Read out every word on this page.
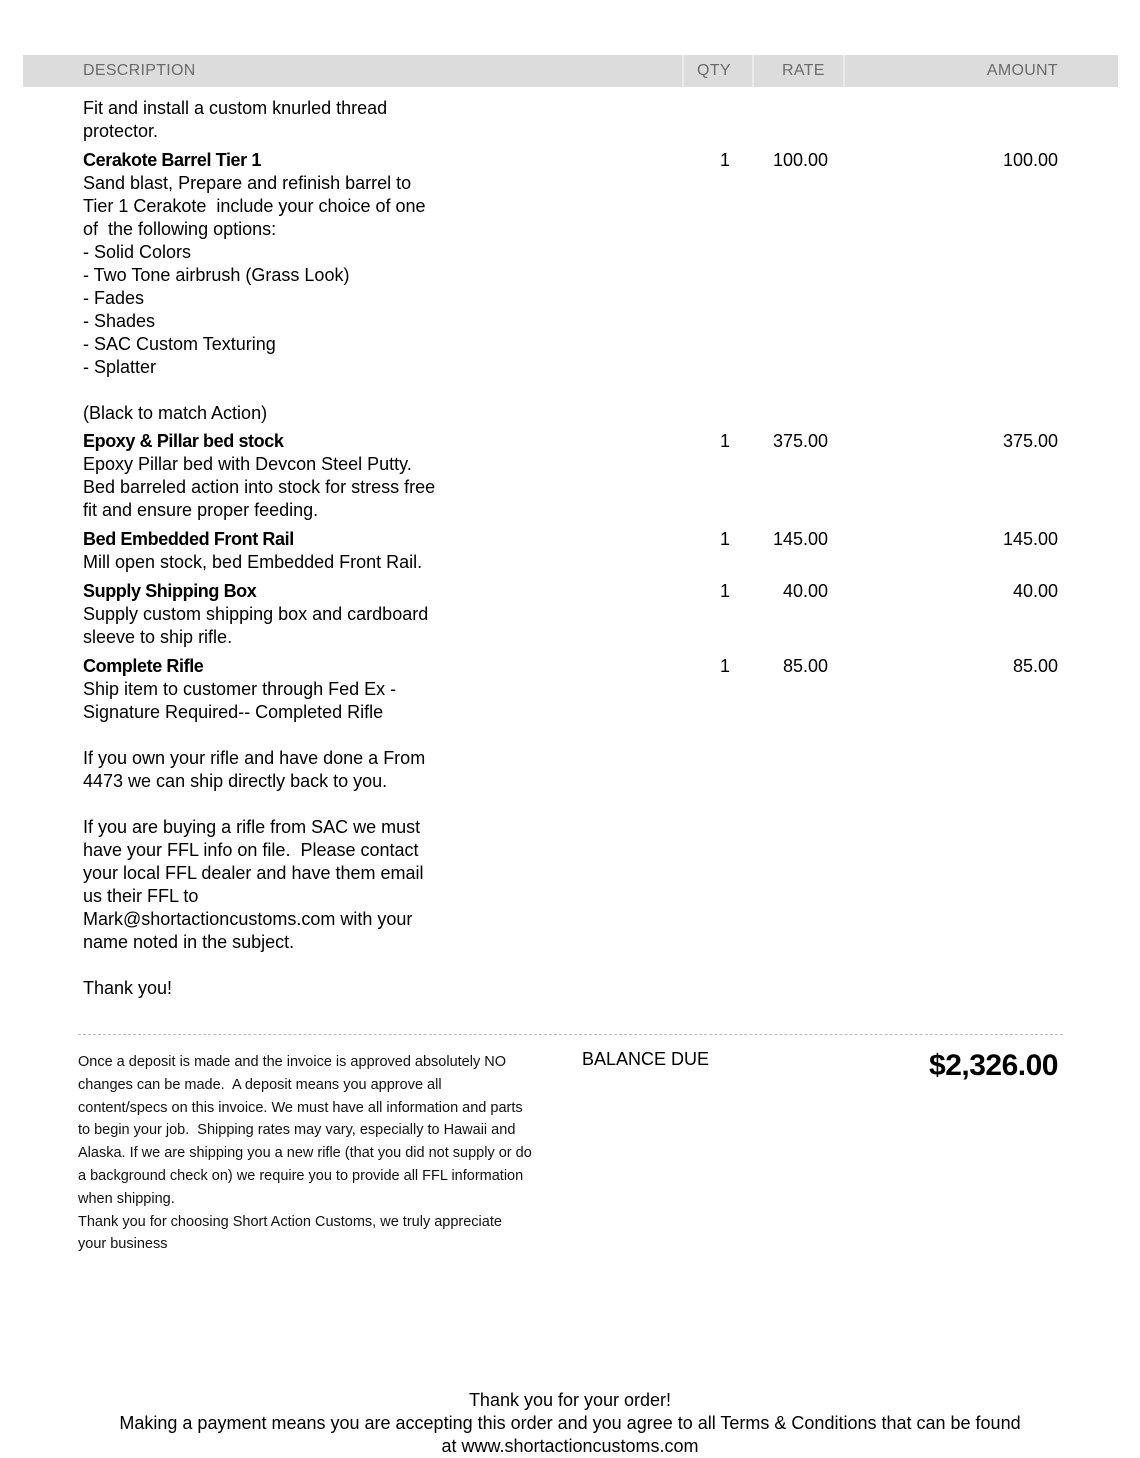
DESCRIPTION	QTY	RATE	AMOUNT
Fit and install a custom knurled thread
protector.
Cerakote Barrel Tier 1
Sand blast, Prepare and refinish barrel to
Tier 1 Cerakote  include your choice of one
of  the following options:
- Solid Colors
- Two Tone airbrush (Grass Look)
- Fades
- Shades
- SAC Custom Texturing
- Splatter
(Black to match Action)
1 100.00	100.00
Epoxy & Pillar bed stock
Epoxy Pillar bed with Devcon Steel Putty.
Bed barreled action into stock for stress free
fit and ensure proper feeding.
1 375.00	375.00
Bed Embedded Front Rail
Mill open stock, bed Embedded Front Rail.
1 145.00	145.00
Supply Shipping Box
Supply custom shipping box and cardboard
sleeve to ship rifle.
1	40.00	40.00
Complete Rifle
Ship item to customer through Fed Ex -
Signature Required-- Completed Rifle
If you own your rifle and have done a From
4473 we can ship directly back to you.
If you are buying a rifle from SAC we must
have your FFL info on file.  Please contact
your local FFL dealer and have them email
us their FFL to
Mark@shortactioncustoms.com with your
name noted in the subject.
Thank you!
1	85.00	85.00
Once a deposit is made and the invoice is approved absolutely NO
changes can be made.  A deposit means you approve all
content/specs on this invoice. We must have all information and parts
to begin your job.  Shipping rates may vary, especially to Hawaii and
Alaska. If we are shipping you a new rifle (that you did not supply or do
a background check on) we require you to provide all FFL information
when shipping.
Thank you for choosing Short Action Customs, we truly appreciate
your business
BALANCE DUE	$2,326.00
Thank you for your order!
Making a payment means you are accepting this order and you agree to all Terms & Conditions that can be found
at www.shortactioncustoms.com
